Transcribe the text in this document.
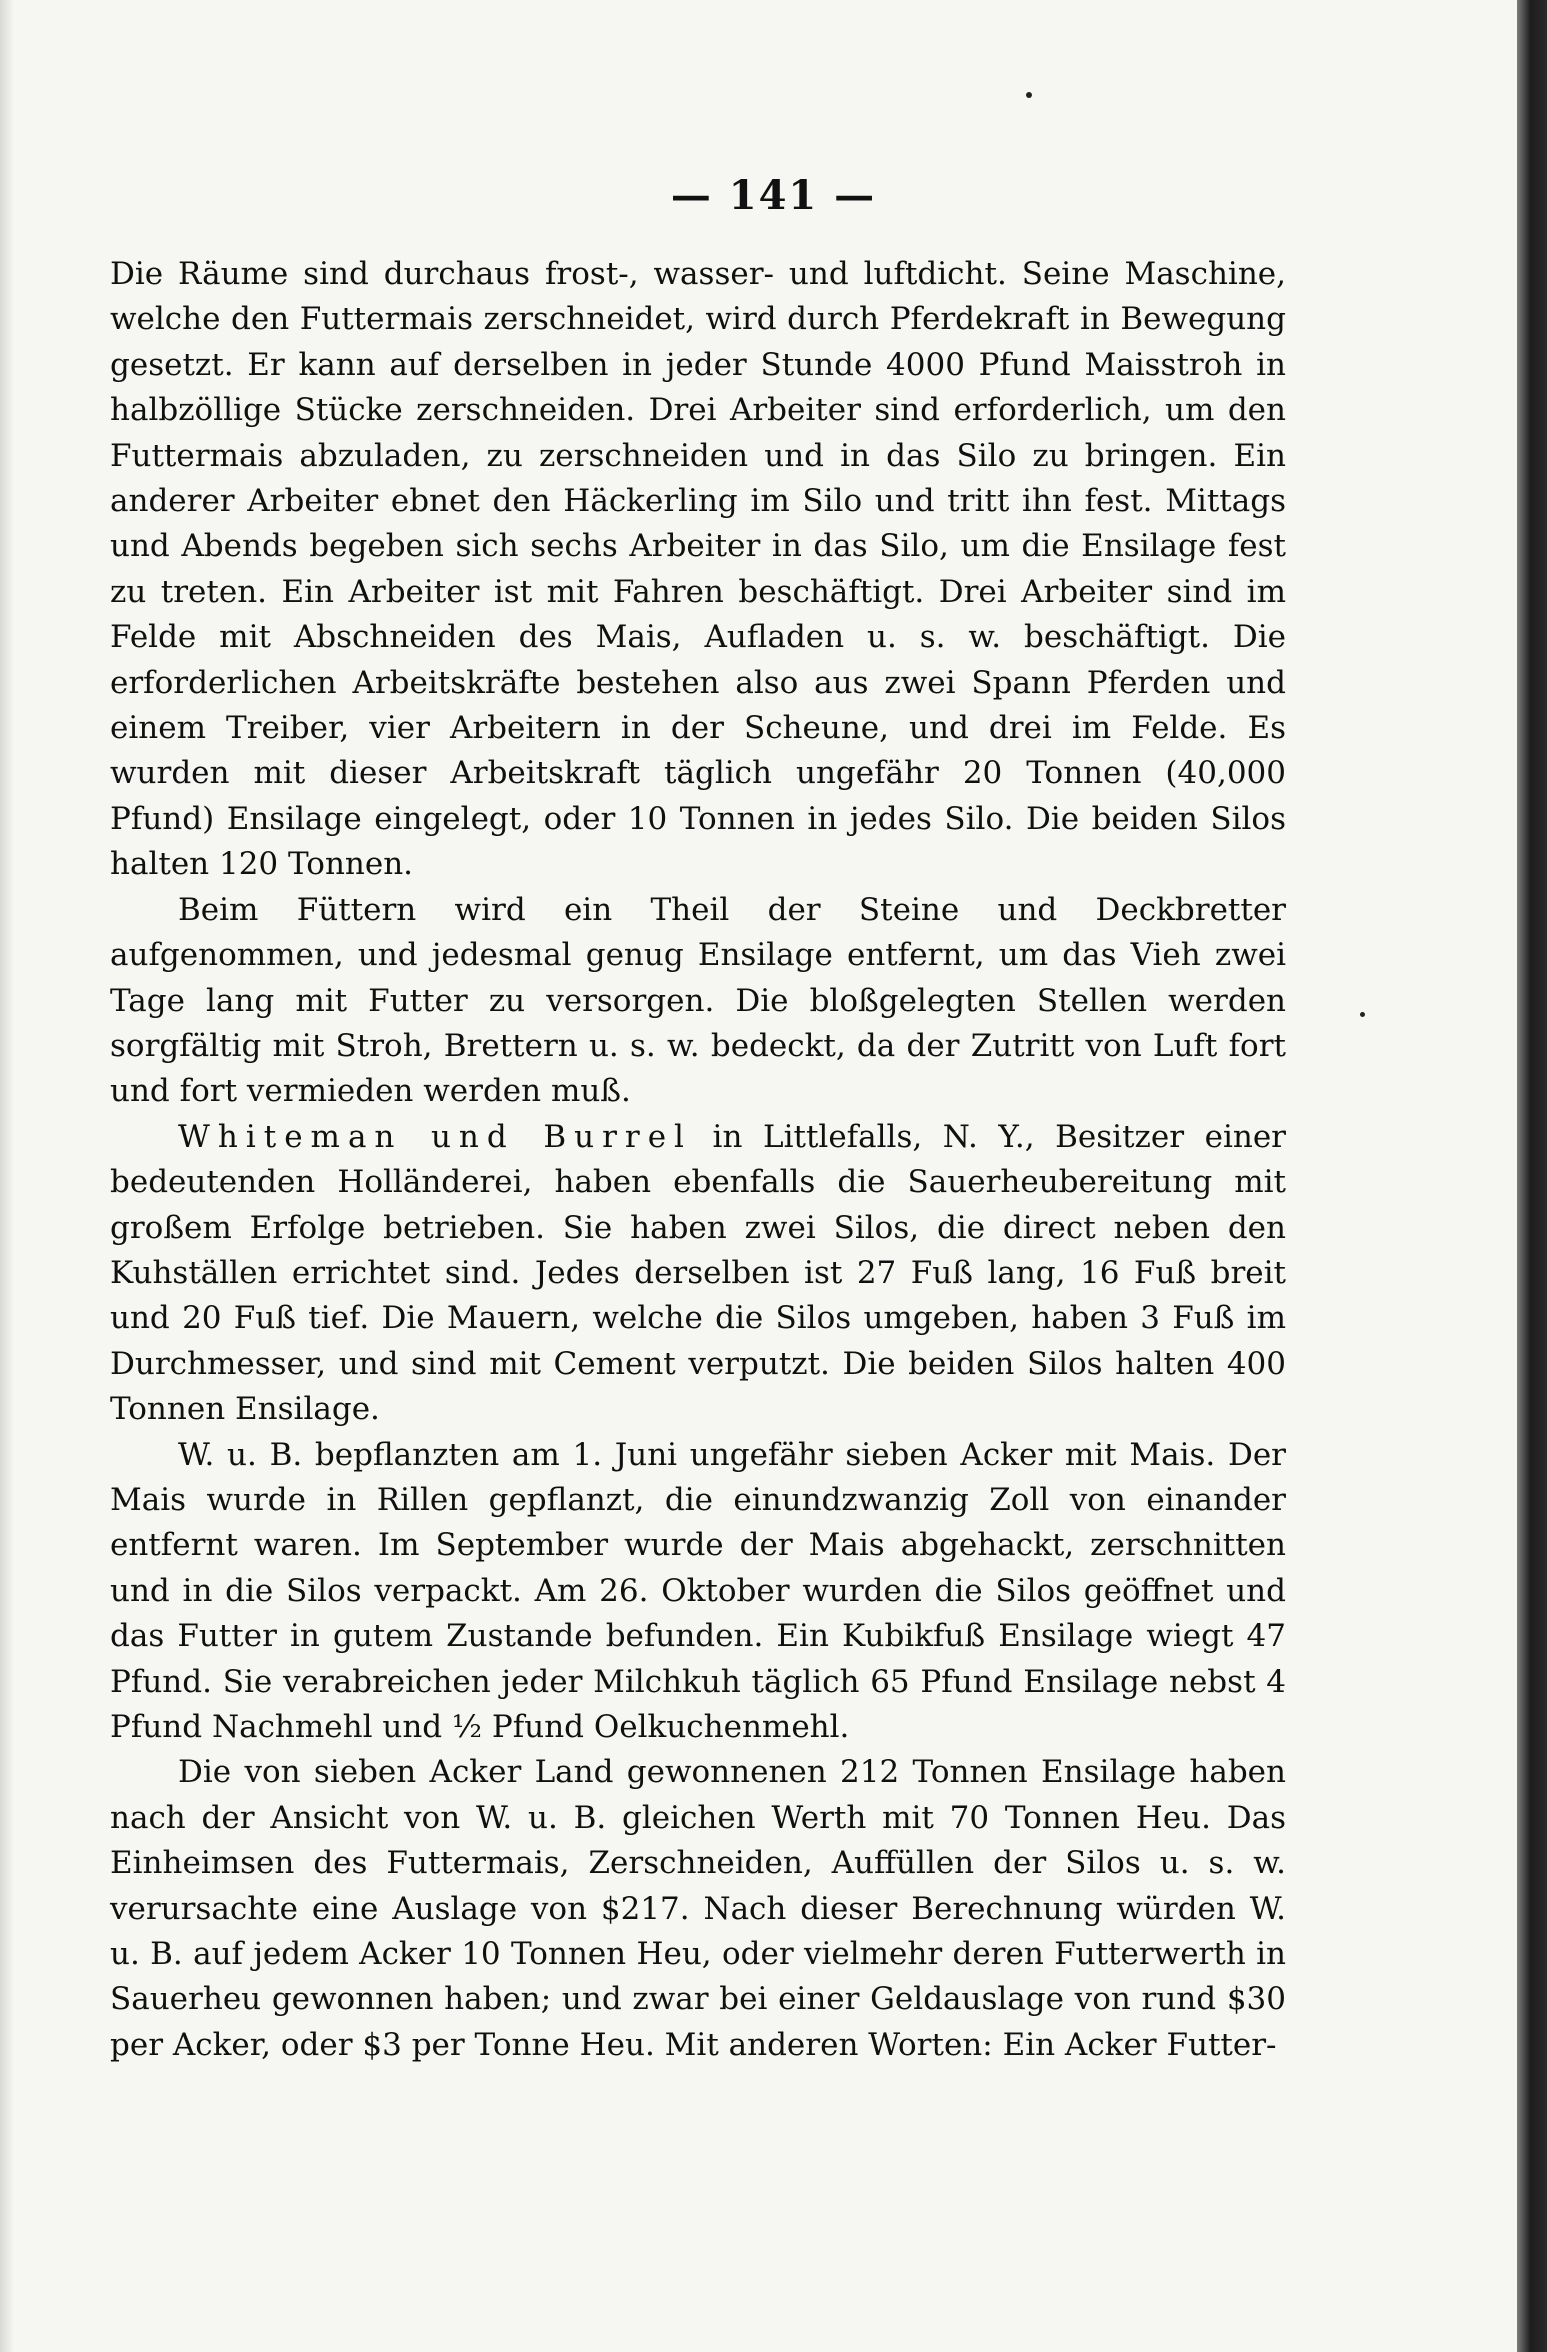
— 141 —

Die Räume sind durchaus frost-, wasser- und luftdicht. Seine Maschine, welche den Futtermais zerschneidet, wird durch Pferdekraft in Bewegung gesetzt. Er kann auf derselben in jeder Stunde 4000 Pfund Maisstroh in halbzöllige Stücke zerschneiden. Drei Arbeiter sind erforderlich, um den Futtermais abzuladen, zu zerschneiden und in das Silo zu bringen. Ein anderer Arbeiter ebnet den Häckerling im Silo und tritt ihn fest. Mittags und Abends begeben sich sechs Arbeiter in das Silo, um die Ensilage fest zu treten. Ein Arbeiter ist mit Fahren beschäftigt. Drei Arbeiter sind im Felde mit Abschneiden des Mais, Aufladen u. s. w. beschäftigt. Die erforderlichen Arbeitskräfte bestehen also aus zwei Spann Pferden und einem Treiber, vier Arbeitern in der Scheune, und drei im Felde. Es wurden mit dieser Arbeitskraft täglich ungefähr 20 Tonnen (40,000 Pfund) Ensilage eingelegt, oder 10 Tonnen in jedes Silo. Die beiden Silos halten 120 Tonnen.

Beim Füttern wird ein Theil der Steine und Deckbretter aufgenommen, und jedesmal genug Ensilage entfernt, um das Vieh zwei Tage lang mit Futter zu versorgen. Die bloßgelegten Stellen werden sorgfältig mit Stroh, Brettern u. s. w. bedeckt, da der Zutritt von Luft fort und fort vermieden werden muß.

Whiteman und Burrel in Littlefalls, N. Y., Besitzer einer bedeutenden Holländerei, haben ebenfalls die Sauerheubereitung mit großem Erfolge betrieben. Sie haben zwei Silos, die direct neben den Kuhställen errichtet sind. Jedes derselben ist 27 Fuß lang, 16 Fuß breit und 20 Fuß tief. Die Mauern, welche die Silos umgeben, haben 3 Fuß im Durchmesser, und sind mit Cement verputzt. Die beiden Silos halten 400 Tonnen Ensilage.

W. u. B. bepflanzten am 1. Juni ungefähr sieben Acker mit Mais. Der Mais wurde in Rillen gepflanzt, die einundzwanzig Zoll von einander entfernt waren. Im September wurde der Mais abgehackt, zerschnitten und in die Silos verpackt. Am 26. Oktober wurden die Silos geöffnet und das Futter in gutem Zustande befunden. Ein Kubikfuß Ensilage wiegt 47 Pfund. Sie verabreichen jeder Milchkuh täglich 65 Pfund Ensilage nebst 4 Pfund Nachmehl und ½ Pfund Oelkuchenmehl.

Die von sieben Acker Land gewonnenen 212 Tonnen Ensilage haben nach der Ansicht von W. u. B. gleichen Werth mit 70 Tonnen Heu. Das Einheimsen des Futtermais, Zerschneiden, Auffüllen der Silos u. s. w. verursachte eine Auslage von $217. Nach dieser Berechnung würden W. u. B. auf jedem Acker 10 Tonnen Heu, oder vielmehr deren Futterwerth in Sauerheu gewonnen haben; und zwar bei einer Geldauslage von rund $30 per Acker, oder $3 per Tonne Heu. Mit anderen Worten: Ein Acker Futter-
